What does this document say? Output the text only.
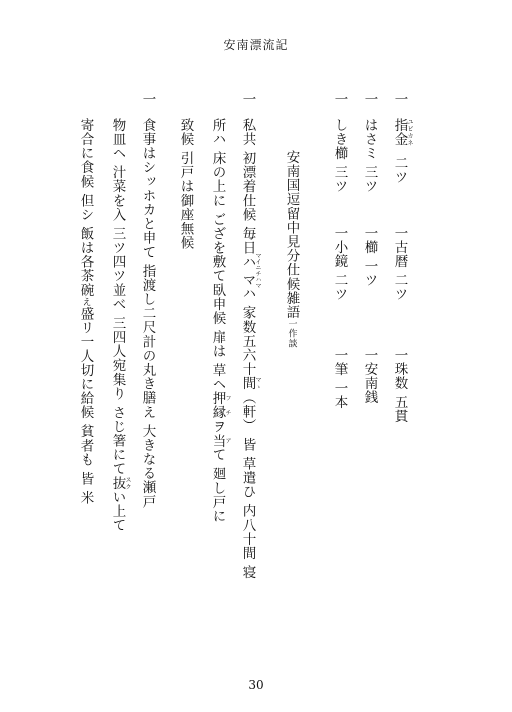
安南漂流記
一
指金ユビカネ
二ツ
一古暦 二ツ
一珠数 五貫
一
はさミ 三ツ
一櫛 一ツ
一安南銭
一
しき櫛 三ツ
一小鏡 二ツ
一筆 一本
安南国逗留中見分仕候雑語一作談
一
私共 初漂着仕候 毎日ハママイニチハマハ 家数五六十間マゝ（軒） 皆 草遣ひ 内八十間 寝
所ハ 床の上に ござを敷て臥申候 扉は 草ヘ押縁フチヲ当アて 廻し戸に
致候 引戸は御座無候
一
食事はシッホカと申て 指渡し二尺計の丸き膳え 大きなる瀬戸
物皿ヘ 汁菜を入 三ツ四ツ並べ 三四人宛集り さじ箸にて抜スクい上て
寄合に食候 但シ 飯は各茶碗え盛リ一人切に給候 貧者も 皆 米
30
